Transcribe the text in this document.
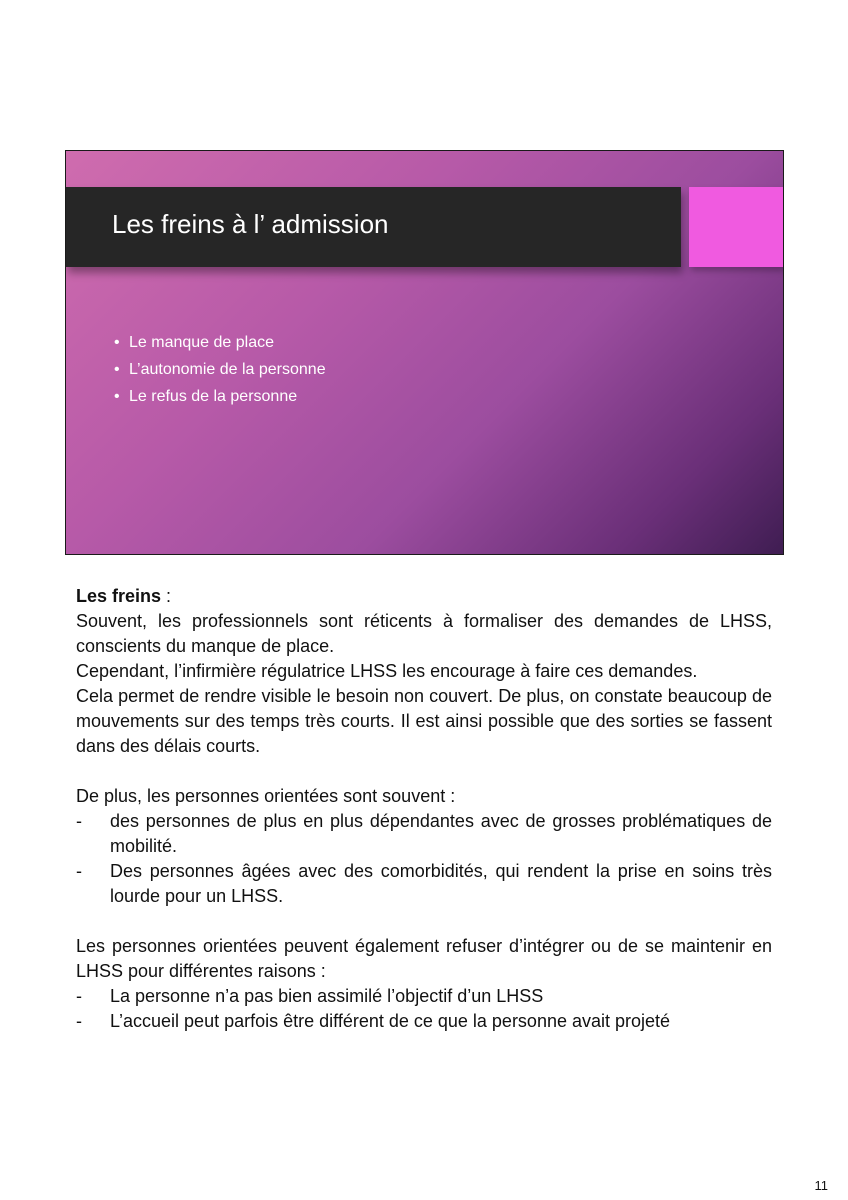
Les freins à l’ admission
• Le manque de place
• L’autonomie de la personne
• Le refus de la personne

Les freins :

Souvent, les professionnels sont réticents à formaliser des demandes de LHSS, conscients du manque de place.

Cependant, l’infirmière régulatrice LHSS les encourage à faire ces demandes.

Cela permet de rendre visible le besoin non couvert. De plus, on constate beaucoup de mouvements sur des temps très courts. Il est ainsi possible que des sorties se fassent dans des délais courts.

De plus, les personnes orientées sont souvent :

- des personnes de plus en plus dépendantes avec de grosses problématiques de mobilité.
- Des personnes âgées avec des comorbidités, qui rendent la prise en soins très lourde pour un LHSS.

Les personnes orientées peuvent également refuser d’intégrer ou de se maintenir en LHSS pour différentes raisons :

- La personne n’a pas bien assimilé l’objectif d’un LHSS
- L’accueil peut parfois être différent de ce que la personne avait projeté
11
